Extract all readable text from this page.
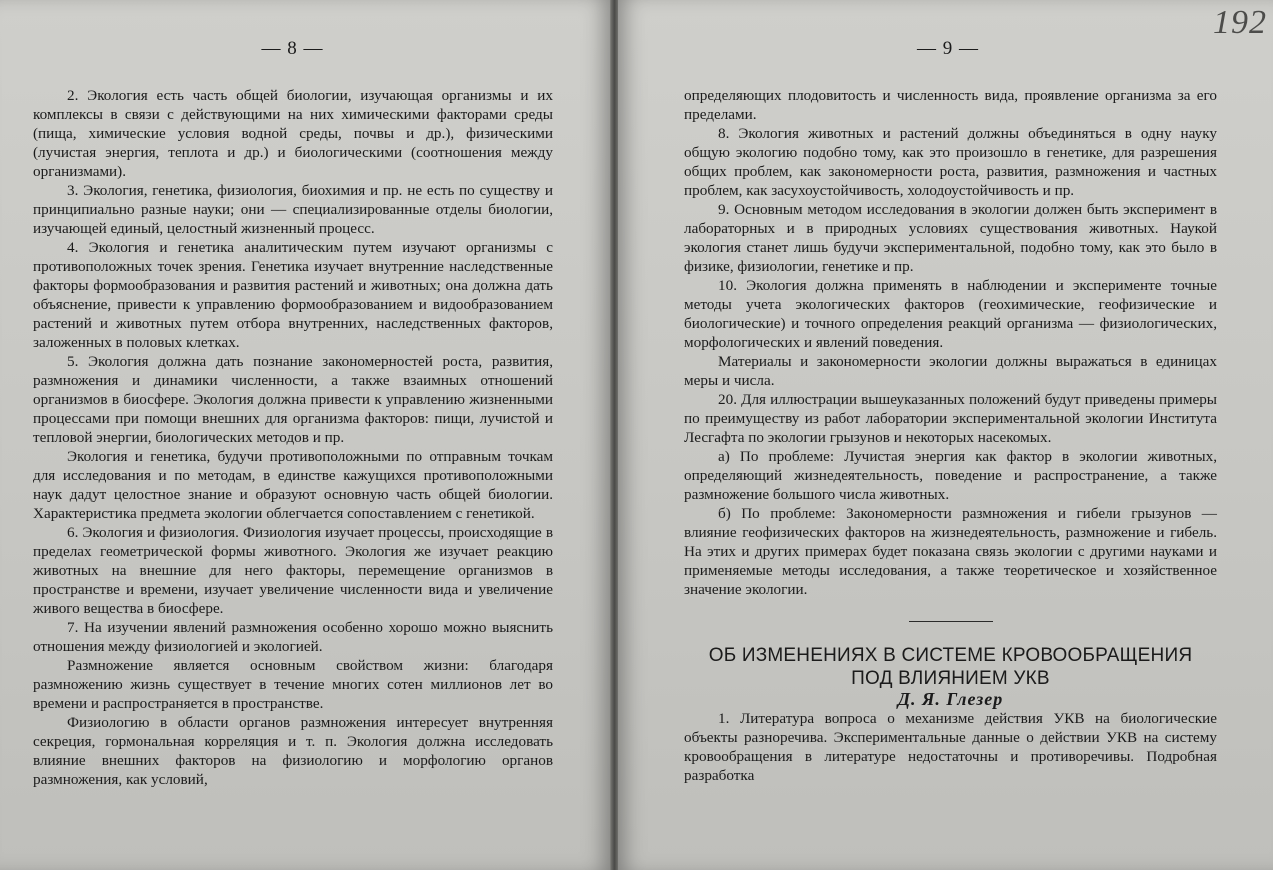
— 8 —

2. Экология есть часть общей биологии, изучающая организмы и их комплексы в связи с действующими на них химическими факторами среды (пища, химические условия водной среды, почвы и др.), физическими (лучистая энергия, теплота и др.) и биологическими (соотношения между организмами).

3. Экология, генетика, физиология, биохимия и пр. не есть по существу и принципиально разные науки; они — специализированные отделы биологии, изучающей единый, целостный жизненный процесс.

4. Экология и генетика аналитическим путем изучают организмы с противоположных точек зрения. Генетика изучает внутренние наследственные факторы формообразования и развития растений и животных; она должна дать объяснение, привести к управлению формообразованием и видообразованием растений и животных путем отбора внутренних, наследственных факторов, заложенных в половых клетках.

5. Экология должна дать познание закономерностей роста, развития, размножения и динамики численности, а также взаимных отношений организмов в биосфере. Экология должна привести к управлению жизненными процессами при помощи внешних для организма факторов: пищи, лучистой и тепловой энергии, биологических методов и пр.

Экология и генетика, будучи противоположными по отправным точкам для исследования и по методам, в единстве кажущихся противоположными наук дадут целостное знание и образуют основную часть общей биологии. Характеристика предмета экологии облегчается сопоставлением с генетикой.

6. Экология и физиология. Физиология изучает процессы, происходящие в пределах геометрической формы животного. Экология же изучает реакцию животных на внешние для него факторы, перемещение организмов в пространстве и времени, изучает увеличение численности вида и увеличение живого вещества в биосфере.

7. На изучении явлений размножения особенно хорошо можно выяснить отношения между физиологией и экологией.

Размножение является основным свойством жизни: благодаря размножению жизнь существует в течение многих сотен миллионов лет во времени и распространяется в пространстве.

Физиологию в области органов размножения интересует внутренняя секреция, гормональная корреляция и т. п. Экология должна исследовать влияние внешних факторов на физиологию и морфологию органов размножения, как условий,

192
— 9 —

определяющих плодовитость и численность вида, проявление организма за его пределами.

8. Экология животных и растений должны объединяться в одну науку общую экологию подобно тому, как это произошло в генетике, для разрешения общих проблем, как закономерности роста, развития, размножения и частных проблем, как засухоустойчивость, холодоустойчивость и пр.

9. Основным методом исследования в экологии должен быть эксперимент в лабораторных и в природных условиях существования животных. Наукой экология станет лишь будучи экспериментальной, подобно тому, как это было в физике, физиологии, генетике и пр.

10. Экология должна применять в наблюдении и эксперименте точные методы учета экологических факторов (геохимические, геофизические и биологические) и точного определения реакций организма — физиологических, морфологических и явлений поведения.

Материалы и закономерности экологии должны выражаться в единицах меры и числа.

20. Для иллюстрации вышеуказанных положений будут приведены примеры по преимуществу из работ лаборатории экспериментальной экологии Института Лесгафта по экологии грызунов и некоторых насекомых.

а) По проблеме: Лучистая энергия как фактор в экологии животных, определяющий жизнедеятельность, поведение и распространение, а также размножение большого числа животных.

б) По проблеме: Закономерности размножения и гибели грызунов — влияние геофизических факторов на жизнедеятельность, размножение и гибель. На этих и других примерах будет показана связь экологии с другими науками и применяемые методы исследования, а также теоретическое и хозяйственное значение экологии.

ОБ ИЗМЕНЕНИЯХ В СИСТЕМЕ КРОВООБРАЩЕНИЯ

ПОД ВЛИЯНИЕМ УКВ

Д. Я. Глезер

1. Литература вопроса о механизме действия УКВ на биологические объекты разноречива. Экспериментальные данные о действии УКВ на систему кровообращения в литературе недостаточны и противоречивы. Подробная разработка
